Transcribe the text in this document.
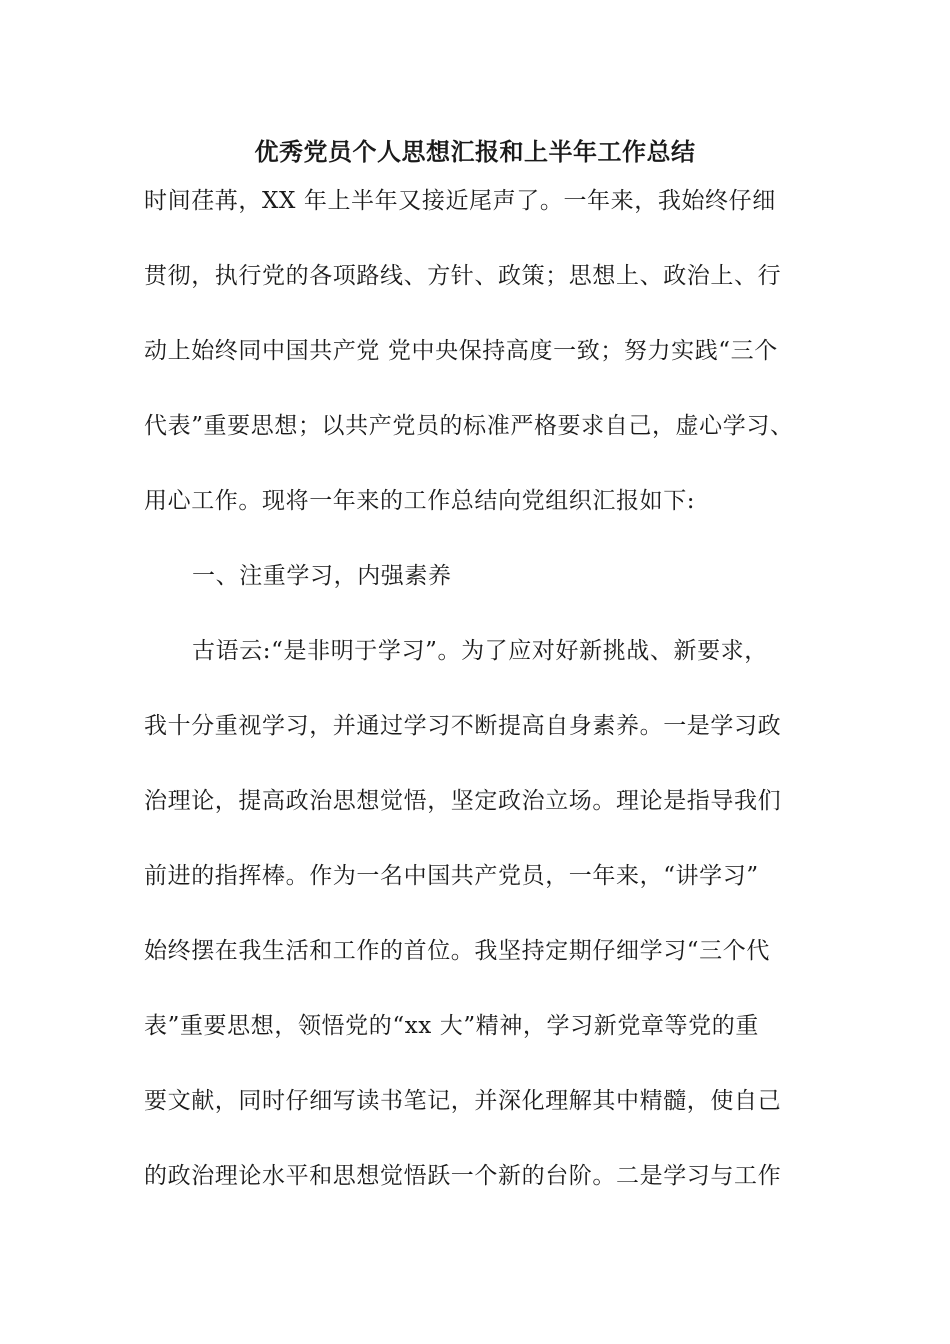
优秀党员个人思想汇报和上半年工作总结

时间荏苒，XX 年上半年又接近尾声了。一年来，我始终仔细

贯彻，执行党的各项路线、方针、政策；思想上、政治上、行

动上始终同中国共产党 党中央保持高度一致；努力实践“三个

代表”重要思想；以共产党员的标准严格要求自己，虚心学习、

用心工作。现将一年来的工作总结向党组织汇报如下:

一、注重学习，内强素养

古语云:“是非明于学习”。为了应对好新挑战、新要求，

我十分重视学习，并通过学习不断提高自身素养。一是学习政

治理论，提高政治思想觉悟，坚定政治立场。理论是指导我们

前进的指挥棒。作为一名中国共产党员，一年来，“讲学习”

始终摆在我生活和工作的首位。我坚持定期仔细学习“三个代

表”重要思想，领悟党的“xx 大”精神，学习新党章等党的重

要文献，同时仔细写读书笔记，并深化理解其中精髓，使自己

的政治理论水平和思想觉悟跃一个新的台阶。二是学习与工作
